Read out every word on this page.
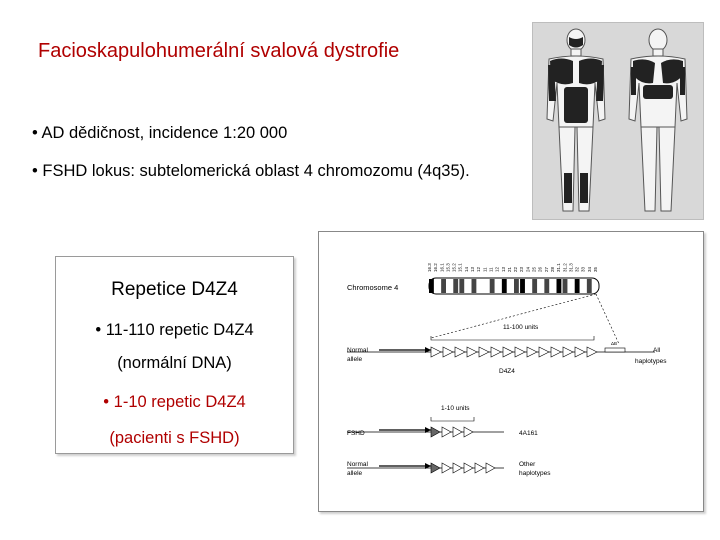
Facioskapulohumerální svalová dystrofie
• AD dědičnost, incidence 1:20 000
• FSHD lokus: subtelomerická oblast 4 chromozomu (4q35).
Repetice D4Z4
• 11-110 repetic D4Z4
(normální DNA)
• 1-10 repetic D4Z4
(pacienti s FSHD)
16.3 16.2 16.1 15.3 15.2 15.1 14 13 12 11 11 12 13 21 22 23 24 25 26 27 28 31.1 31.2 31.3 32 33 34 35
Chromosome 4
11-100 units
Normal
allele
ΔB
D4Z4
All
haplotypes
1-10 units
FSHD	4A161
Normal
allele
Other
haplotypes
